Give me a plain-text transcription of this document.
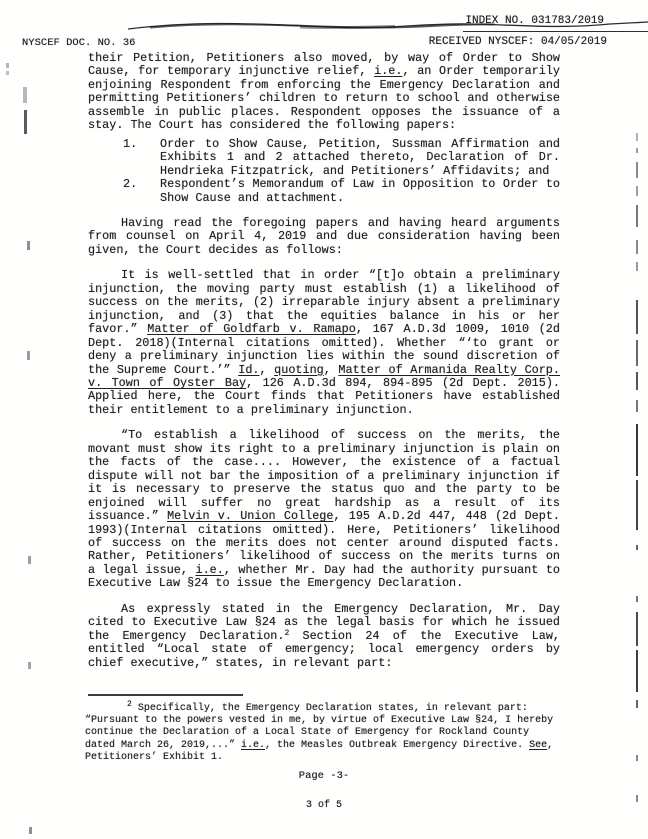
INDEX NO. 031783/2019
NYSCEF DOC. NO. 36	RECEIVED NYSCEF: 04/05/2019

their Petition, Petitioners also moved, by way of Order to Show Cause, for temporary injunctive relief, i.e., an Order temporarily enjoining Respondent from enforcing the Emergency Declaration and permitting Petitioners’ children to return to school and otherwise assemble in public places. Respondent opposes the issuance of a stay. The Court has considered the following papers:

1.	Order to Show Cause, Petition, Sussman Affirmation and Exhibits 1 and 2 attached thereto, Declaration of Dr. Hendrieka Fitzpatrick, and Petitioners’ Affidavits; and
2.	Respondent’s Memorandum of Law in Opposition to Order to Show Cause and attachment.

Having read the foregoing papers and having heard arguments from counsel on April 4, 2019 and due consideration having been given, the Court decides as follows:

It is well-settled that in order “[t]o obtain a preliminary injunction, the moving party must establish (1) a likelihood of success on the merits, (2) irreparable injury absent a preliminary injunction, and (3) that the equities balance in his or her favor.” Matter of Goldfarb v. Ramapo, 167 A.D.3d 1009, 1010 (2d Dept. 2018)(Internal citations omitted). Whether “‘to grant or deny a preliminary injunction lies within the sound discretion of the Supreme Court.’” Id., quoting, Matter of Armanida Realty Corp. v. Town of Oyster Bay, 126 A.D.3d 894, 894-895 (2d Dept. 2015). Applied here, the Court finds that Petitioners have established their entitlement to a preliminary injunction.

“To establish a likelihood of success on the merits, the movant must show its right to a preliminary injunction is plain on the facts of the case.... However, the existence of a factual dispute will not bar the imposition of a preliminary injunction if it is necessary to preserve the status quo and the party to be enjoined will suffer no great hardship as a result of its issuance.” Melvin v. Union College, 195 A.D.2d 447, 448 (2d Dept. 1993)(Internal citations omitted). Here, Petitioners’ likelihood of success on the merits does not center around disputed facts. Rather, Petitioners’ likelihood of success on the merits turns on a legal issue, i.e., whether Mr. Day had the authority pursuant to Executive Law §24 to issue the Emergency Declaration.

As expressly stated in the Emergency Declaration, Mr. Day cited to Executive Law §24 as the legal basis for which he issued the Emergency Declaration.$^2$ Section 24 of the Executive Law, entitled “Local state of emergency; local emergency orders by chief executive,” states, in relevant part:

$^2$ Specifically, the Emergency Declaration states, in relevant part: “Pursuant to the powers vested in me, by virtue of Executive Law §24, I hereby continue the Declaration of a Local State of Emergency for Rockland County dated March 26, 2019,...” i.e., the Measles Outbreak Emergency Directive. See, Petitioners’ Exhibit 1.
Page -3-
3 of 5
